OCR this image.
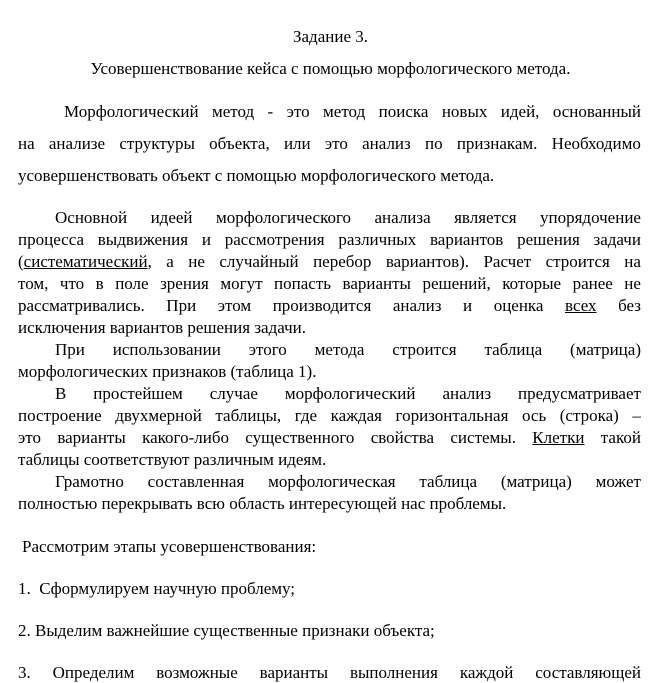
Задание 3.
Усовершенствование кейса с помощью морфологического метода.
Морфологический метод - это метод поиска новых идей, основанный
на анализе структуры объекта, или это анализ по признакам. Необходимо
усовершенствовать объект с помощью морфологического метода.
Основной идеей морфологического анализа является упорядочение
процесса выдвижения и рассмотрения различных вариантов решения задачи
(систематический, а не случайный перебор вариантов). Расчет строится на
том, что в поле зрения могут попасть варианты решений, которые ранее не
рассматривались. При этом производится анализ и оценка всех без
исключения вариантов решения задачи.
При использовании этого метода строится таблица (матрица)
морфологических признаков (таблица 1).
В простейшем случае морфологический анализ предусматривает
построение двухмерной таблицы, где каждая горизонтальная ось (строка) –
это варианты какого-либо существенного свойства системы. Клетки такой
таблицы соответствуют различным идеям.
Грамотно составленная морфологическая таблица (матрица) может
полностью перекрывать всю область интересующей нас проблемы.
Рассмотрим этапы усовершенствования:
1.  Сформулируем научную проблему;
2. Выделим важнейшие существенные признаки объекта;
3. Определим возможные варианты выполнения каждой составляющей
